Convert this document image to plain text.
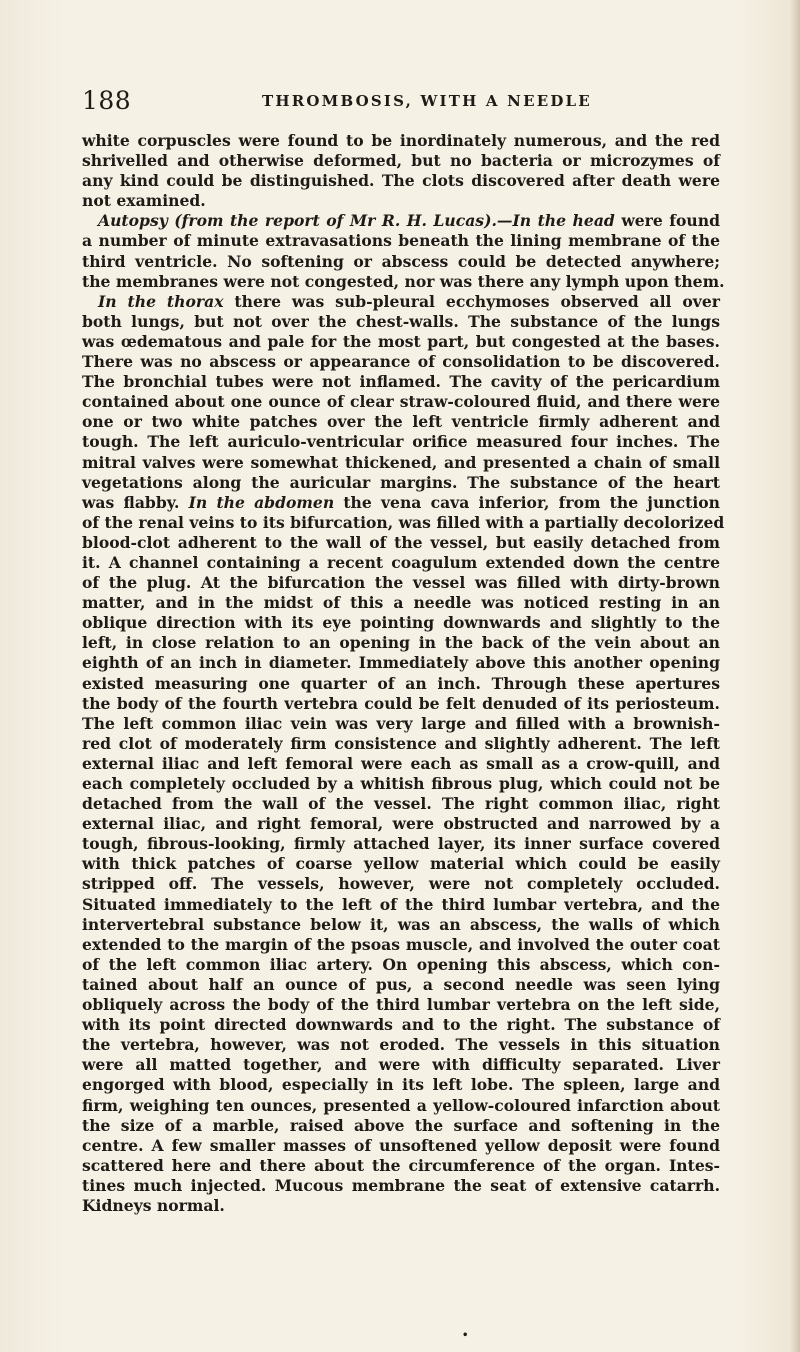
188	THROMBOSIS, WITH A NEEDLE
white corpuscles were found to be inordinately numerous, and the red
shrivelled and otherwise deformed, but no bacteria or microzymes of
any kind could be distinguished. The clots discovered after death were
not examined.
Autopsy (from the report of Mr R. H. Lucas).—In the head were found
a number of minute extravasations beneath the lining membrane of the
third ventricle. No softening or abscess could be detected anywhere;
the membranes were not congested, nor was there any lymph upon them.
In the thorax there was sub-pleural ecchymoses observed all over
both lungs, but not over the chest-walls. The substance of the lungs
was œdematous and pale for the most part, but congested at the bases.
There was no abscess or appearance of consolidation to be discovered.
The bronchial tubes were not inflamed. The cavity of the pericardium
contained about one ounce of clear straw-coloured fluid, and there were
one or two white patches over the left ventricle firmly adherent and
tough. The left auriculo-ventricular orifice measured four inches. The
mitral valves were somewhat thickened, and presented a chain of small
vegetations along the auricular margins. The substance of the heart
was flabby. In the abdomen the vena cava inferior, from the junction
of the renal veins to its bifurcation, was filled with a partially decolorized
blood-clot adherent to the wall of the vessel, but easily detached from
it. A channel containing a recent coagulum extended down the centre
of the plug. At the bifurcation the vessel was filled with dirty-brown
matter, and in the midst of this a needle was noticed resting in an
oblique direction with its eye pointing downwards and slightly to the
left, in close relation to an opening in the back of the vein about an
eighth of an inch in diameter. Immediately above this another opening
existed measuring one quarter of an inch. Through these apertures
the body of the fourth vertebra could be felt denuded of its periosteum.
The left common iliac vein was very large and filled with a brownish-
red clot of moderately firm consistence and slightly adherent. The left
external iliac and left femoral were each as small as a crow-quill, and
each completely occluded by a whitish fibrous plug, which could not be
detached from the wall of the vessel. The right common iliac, right
external iliac, and right femoral, were obstructed and narrowed by a
tough, fibrous-looking, firmly attached layer, its inner surface covered
with thick patches of coarse yellow material which could be easily
stripped off. The vessels, however, were not completely occluded.
Situated immediately to the left of the third lumbar vertebra, and the
intervertebral substance below it, was an abscess, the walls of which
extended to the margin of the psoas muscle, and involved the outer coat
of the left common iliac artery. On opening this abscess, which con-
tained about half an ounce of pus, a second needle was seen lying
obliquely across the body of the third lumbar vertebra on the left side,
with its point directed downwards and to the right. The substance of
the vertebra, however, was not eroded. The vessels in this situation
were all matted together, and were with difficulty separated. Liver
engorged with blood, especially in its left lobe. The spleen, large and
firm, weighing ten ounces, presented a yellow-coloured infarction about
the size of a marble, raised above the surface and softening in the
centre. A few smaller masses of unsoftened yellow deposit were found
scattered here and there about the circumference of the organ. Intes-
tines much injected. Mucous membrane the seat of extensive catarrh.
Kidneys normal.
•
